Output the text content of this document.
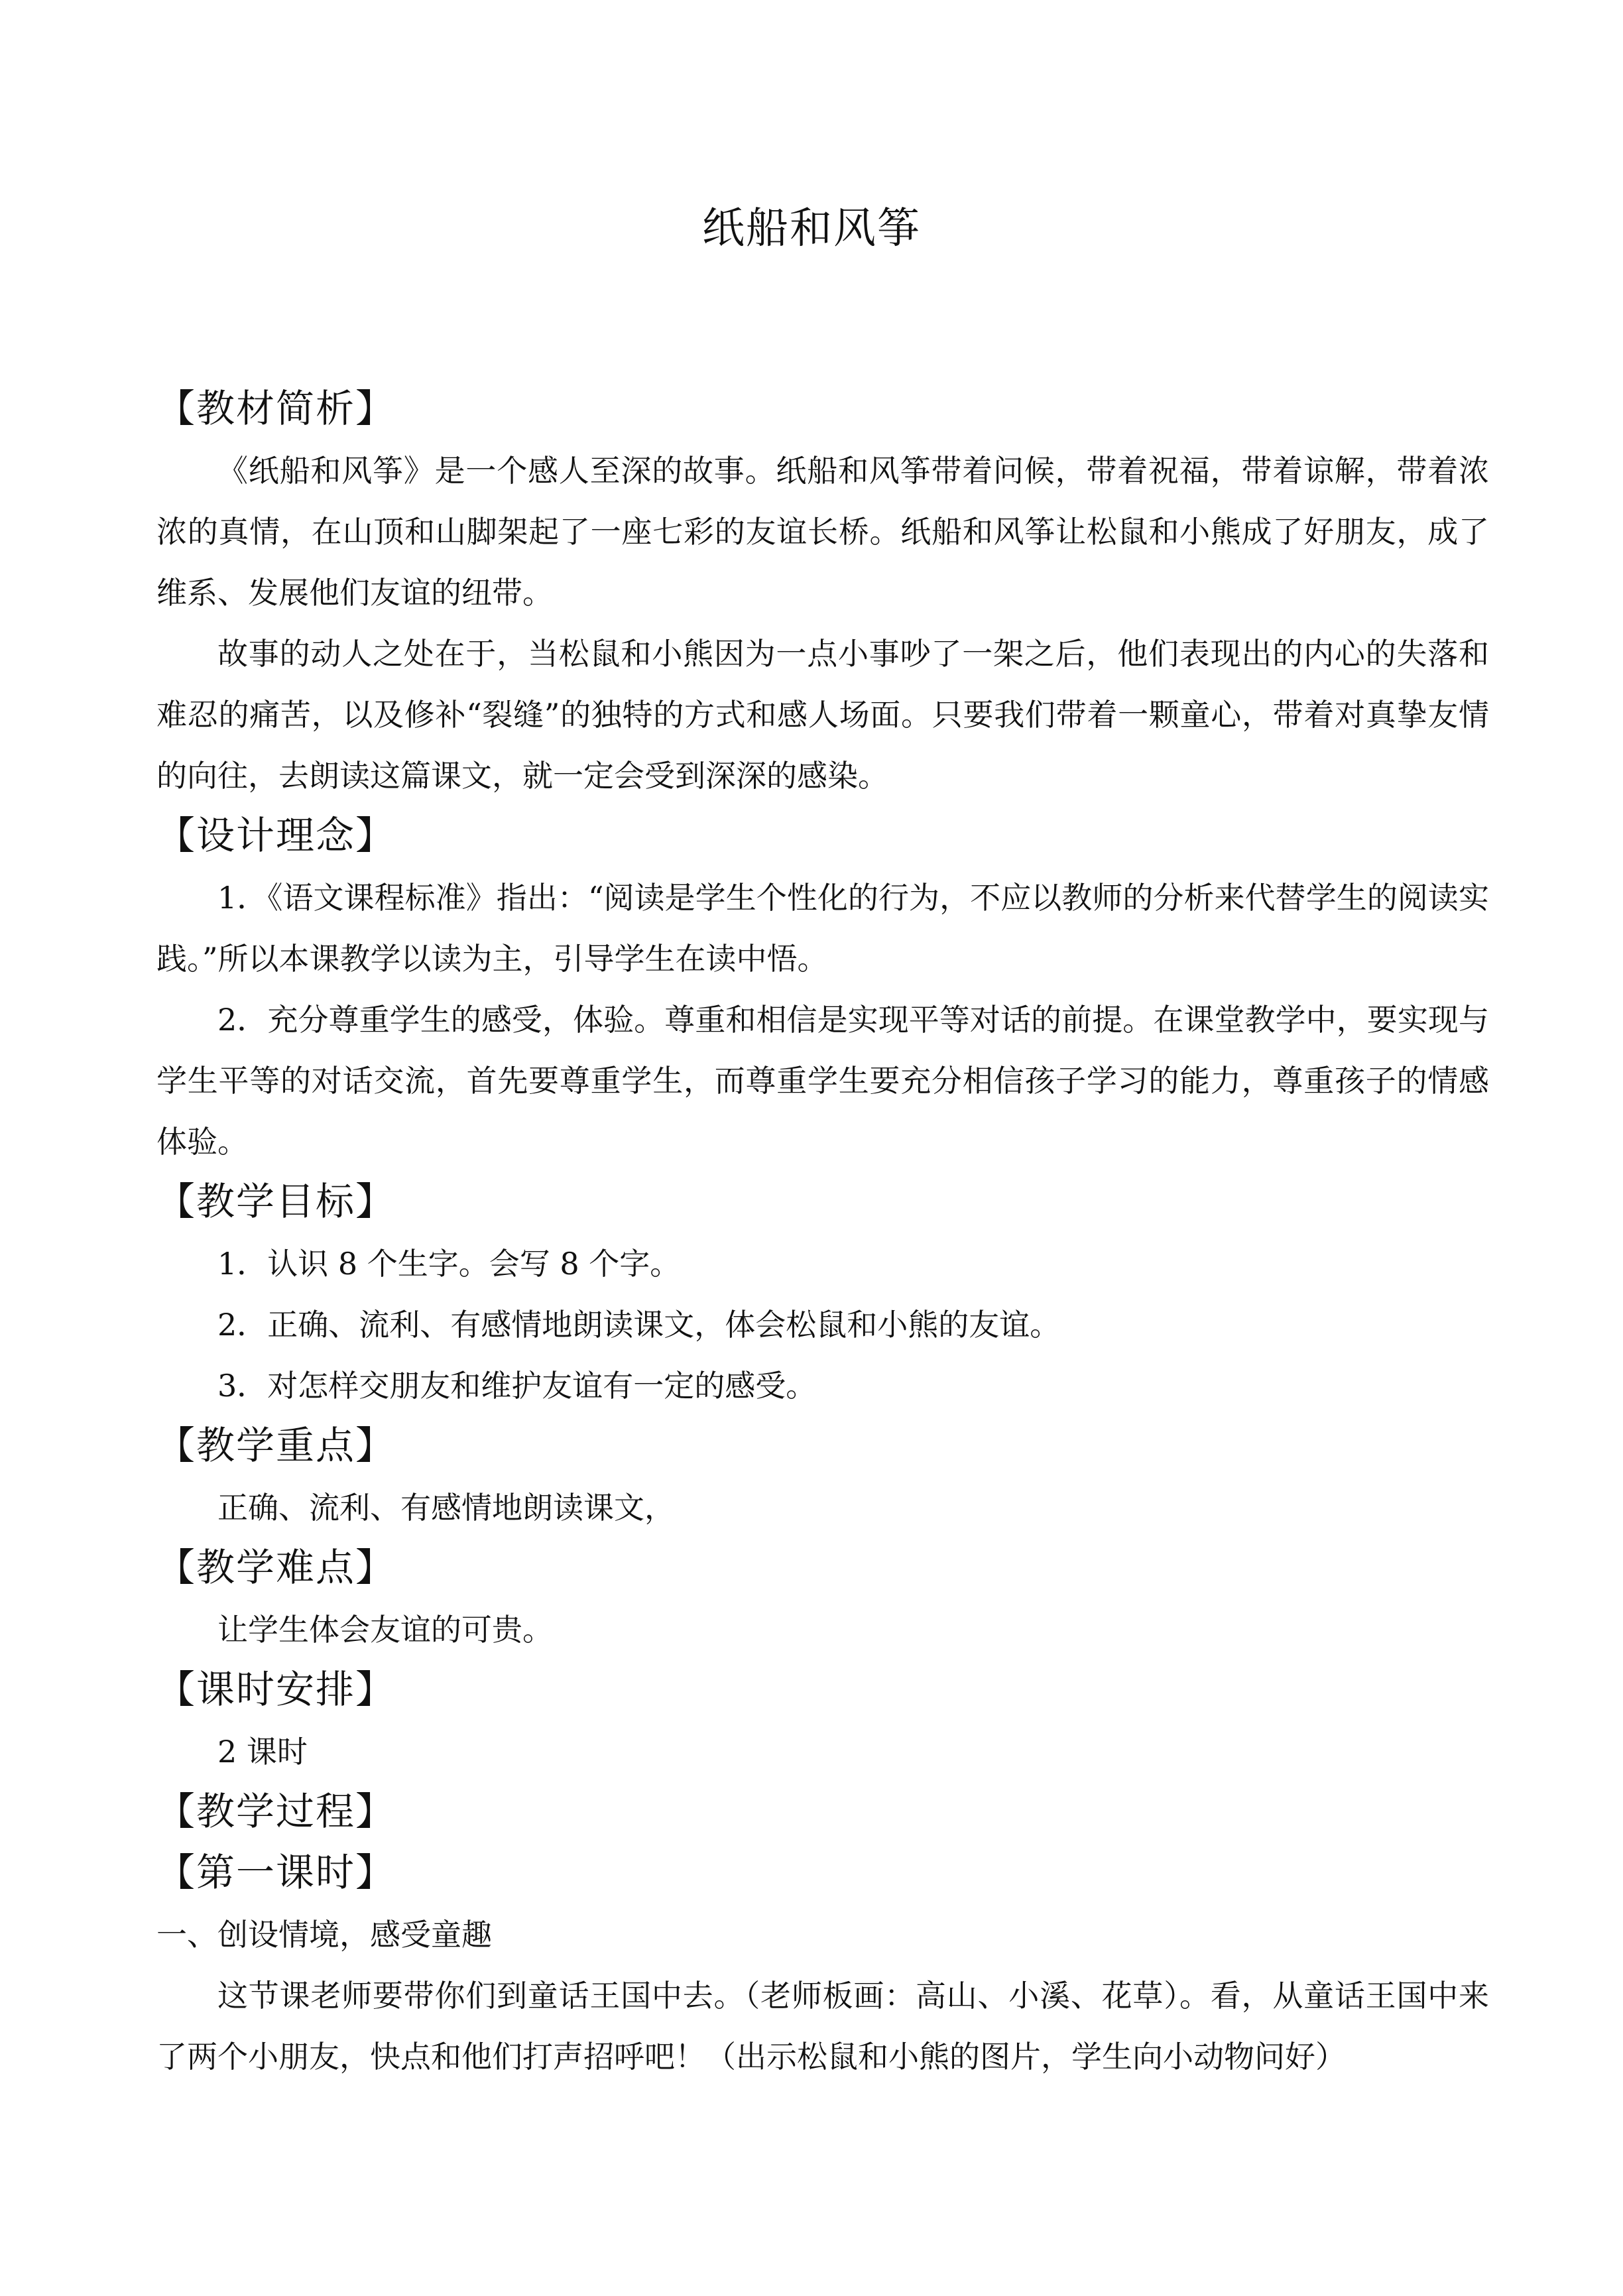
纸船和风筝
【教材简析】

《纸船和风筝》是一个感人至深的故事。纸船和风筝带着问候，带着祝福，带着谅解，带着浓浓的真情，在山顶和山脚架起了一座七彩的友谊长桥。纸船和风筝让松鼠和小熊成了好朋友，成了维系、发展他们友谊的纽带。

故事的动人之处在于，当松鼠和小熊因为一点小事吵了一架之后，他们表现出的内心的失落和难忍的痛苦，以及修补“裂缝”的独特的方式和感人场面。只要我们带着一颗童心，带着对真挚友情的向往，去朗读这篇课文，就一定会受到深深的感染。

【设计理念】

1．《语文课程标准》指出：“阅读是学生个性化的行为，不应以教师的分析来代替学生的阅读实践。”所以本课教学以读为主，引导学生在读中悟。

2．充分尊重学生的感受，体验。尊重和相信是实现平等对话的前提。在课堂教学中，要实现与学生平等的对话交流，首先要尊重学生，而尊重学生要充分相信孩子学习的能力，尊重孩子的情感体验。

【教学目标】

1．认识 8 个生字。会写 8 个字。

2．正确、流利、有感情地朗读课文，体会松鼠和小熊的友谊。

3．对怎样交朋友和维护友谊有一定的感受。

【教学重点】

正确、流利、有感情地朗读课文，

【教学难点】

让学生体会友谊的可贵。

【课时安排】

2 课时

【教学过程】
【第一课时】

一、创设情境，感受童趣

这节课老师要带你们到童话王国中去。（老师板画：高山、小溪、花草）。看，从童话王国中来了两个小朋友，快点和他们打声招呼吧！（出示松鼠和小熊的图片，学生向小动物问好）
